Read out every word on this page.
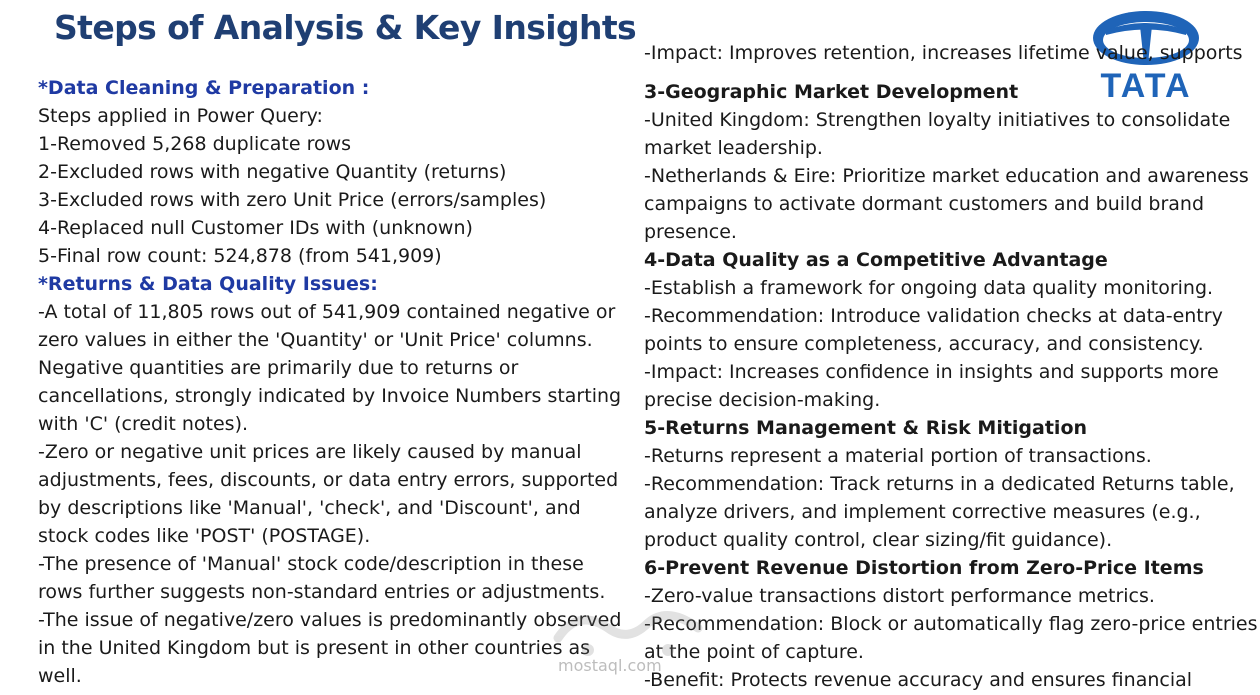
Steps of Analysis & Key Insights
TATA

*Data Cleaning & Preparation :

Steps applied in Power Query:

1-Removed 5,268 duplicate rows

2-Excluded rows with negative Quantity (returns)

3-Excluded rows with zero Unit Price (errors/samples)

4-Replaced null Customer IDs with (unknown)

5-Final row count: 524,878 (from 541,909)

*Returns & Data Quality Issues:

-A total of 11,805 rows out of 541,909 contained negative or

zero values in either the 'Quantity' or 'Unit Price' columns.

Negative quantities are primarily due to returns or

cancellations, strongly indicated by Invoice Numbers starting

with 'C' (credit notes).

-Zero or negative unit prices are likely caused by manual

adjustments, fees, discounts, or data entry errors, supported

by descriptions like 'Manual', 'check', and 'Discount', and

stock codes like 'POST' (POSTAGE).

-The presence of 'Manual' stock code/description in these

rows further suggests non-standard entries or adjustments.

-The issue of negative/zero values is predominantly observed

in the United Kingdom but is present in other countries as

well.

-Impact: Improves retention, increases lifetime value, supports

3-Geographic Market Development

-United Kingdom: Strengthen loyalty initiatives to consolidate

market leadership.

-Netherlands & Eire: Prioritize market education and awareness

campaigns to activate dormant customers and build brand

presence.

4-Data Quality as a Competitive Advantage

-Establish a framework for ongoing data quality monitoring.

-Recommendation: Introduce validation checks at data-entry

points to ensure completeness, accuracy, and consistency.

-Impact: Increases confidence in insights and supports more

precise decision-making.

5-Returns Management & Risk Mitigation

-Returns represent a material portion of transactions.

-Recommendation: Track returns in a dedicated Returns table,

analyze drivers, and implement corrective measures (e.g.,

product quality control, clear sizing/fit guidance).

6-Prevent Revenue Distortion from Zero-Price Items

-Zero-value transactions distort performance metrics.

-Recommendation: Block or automatically flag zero-price entries

at the point of capture.

-Benefit: Protects revenue accuracy and ensures financial

mostaql.com
